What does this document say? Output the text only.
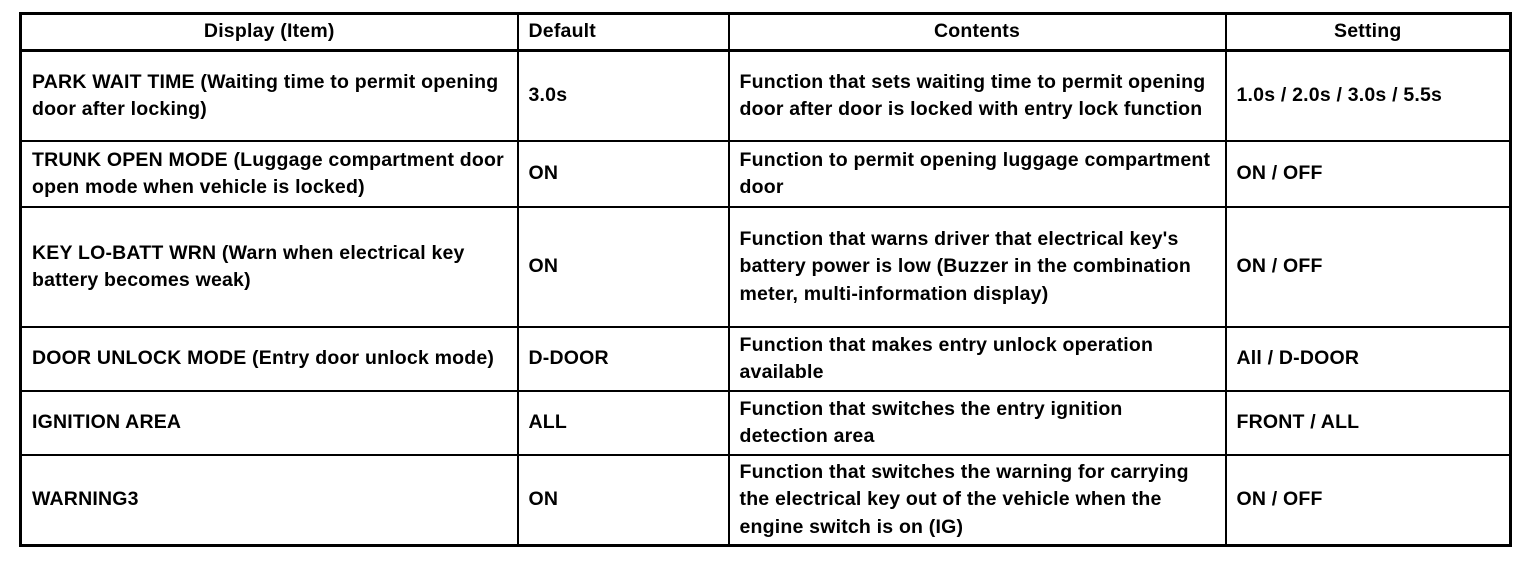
Display (Item)	Default	Contents	Setting
PARK WAIT TIME (Waiting time to permit opening door after locking)	3.0s	Function that sets waiting time to permit opening door after door is locked with entry lock function	1.0s / 2.0s / 3.0s / 5.5s
TRUNK OPEN MODE (Luggage compartment door open mode when vehicle is locked)	ON	Function to permit opening luggage compartment door	ON / OFF
KEY LO-BATT WRN (Warn when electrical key battery becomes weak)	ON	Function that warns driver that electrical key's battery power is low (Buzzer in the combination meter, multi-information display)	ON / OFF
DOOR UNLOCK MODE (Entry door unlock mode)	D-DOOR	Function that makes entry unlock operation available	All / D-DOOR
IGNITION AREA	ALL	Function that switches the entry ignition detection area	FRONT / ALL
WARNING3	ON	Function that switches the warning for carrying the electrical key out of the vehicle when the engine switch is on (IG)	ON / OFF
